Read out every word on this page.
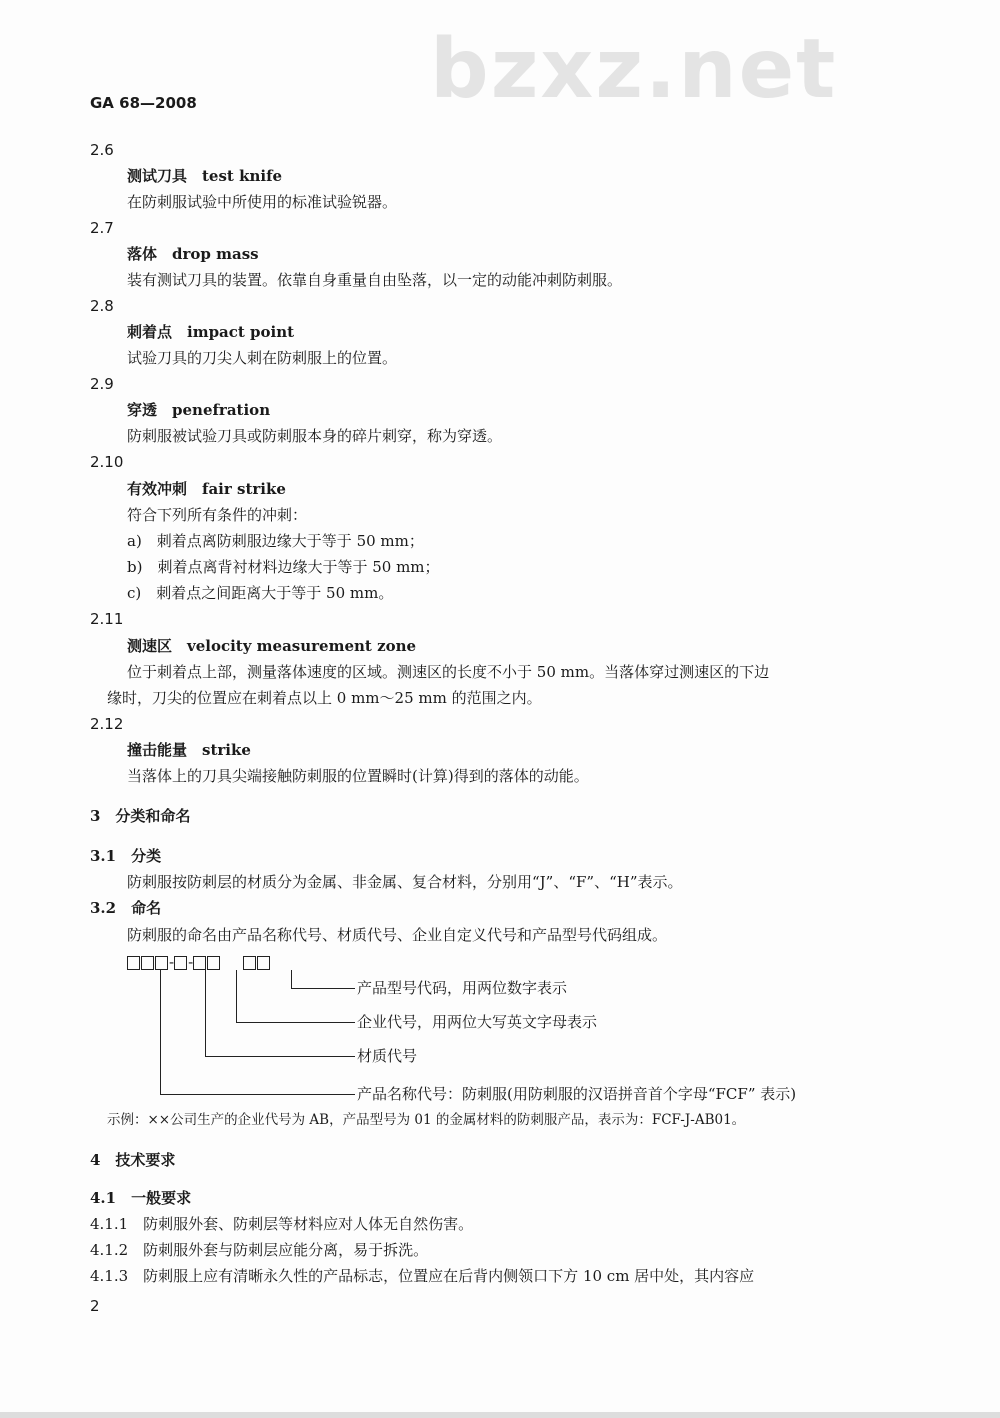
bzxz.net
GA 68—2008
2.6
测试刀具　test knife
在防刺服试验中所使用的标准试验锐器。
2.7
落体　drop mass
装有测试刀具的装置。依靠自身重量自由坠落，以一定的动能冲刺防刺服。
2.8
刺着点　impact point
试验刀具的刀尖人刺在防刺服上的位置。
2.9
穿透　penefration
防刺服被试验刀具或防刺服本身的碎片刺穿，称为穿透。
2.10
有效冲刺　fair strike
符合下列所有条件的冲刺：
a)　刺着点离防刺服边缘大于等于 50 mm；
b)　刺着点离背衬材料边缘大于等于 50 mm；
c)　刺着点之间距离大于等于 50 mm。
2.11
测速区　velocity measurement zone
位于刺着点上部，测量落体速度的区域。测速区的长度不小于 50 mm。当落体穿过测速区的下边
缘时，刀尖的位置应在刺着点以上 0 mm～25 mm 的范围之内。
2.12
撞击能量　strike
当落体上的刀具尖端接触防刺服的位置瞬时(计算)得到的落体的动能。
3　分类和命名
3.1　分类
防刺服按防刺层的材质分为金属、非金属、复合材料，分别用“J”、“F”、“H”表示。
3.2　命名
防刺服的命名由产品名称代号、材质代号、企业自定义代号和产品型号代码组成。
示例：××公司生产的企业代号为 AB，产品型号为 01 的金属材料的防刺服产品，表示为：FCF-J-AB01。
4　技术要求
4.1　一般要求
4.1.1　防刺服外套、防刺层等材料应对人体无自然伤害。
4.1.2　防刺服外套与防刺层应能分离，易于拆洗。
4.1.3　防刺服上应有清晰永久性的产品标志，位置应在后背内侧领口下方 10 cm 居中处，其内容应
2
- -
产品型号代码，用两位数字表示
企业代号，用两位大写英文字母表示
材质代号
产品名称代号：防刺服(用防刺服的汉语拼音首个字母“FCF” 表示)
